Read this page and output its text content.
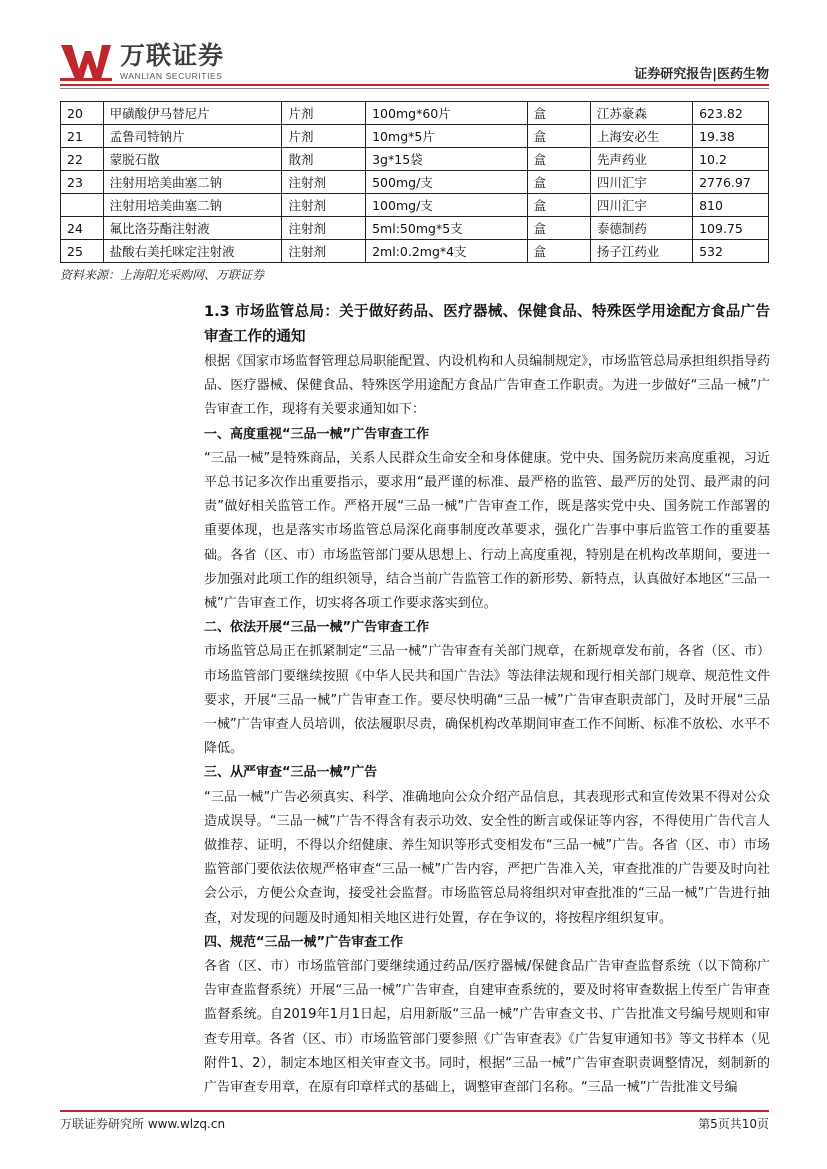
万联证券
WANLIAN SECURITIES	证券研究报告|医药生物
20	甲磺酸伊马替尼片	片剂	100mg*60片	盒	江苏豪森	623.82
21	孟鲁司特钠片	片剂	10mg*5片	盒	上海安必生	19.38
22	蒙脱石散	散剂	3g*15袋	盒	先声药业	10.2
23	注射用培美曲塞二钠	注射剂	500mg/支	盒	四川汇宇	2776.97
	注射用培美曲塞二钠	注射剂	100mg/支	盒	四川汇宇	810
24	氟比洛芬酯注射液	注射剂	5ml:50mg*5支	盒	泰德制药	109.75
25	盐酸右美托咪定注射液	注射剂	2ml:0.2mg*4支	盒	扬子江药业	532
资料来源：上海阳光采购网、万联证券
1.3 市场监管总局：关于做好药品、医疗器械、保健食品、特殊医学用途配方食品广告审查工作的通知

根据《国家市场监督管理总局职能配置、内设机构和人员编制规定》，市场监管总局承担组织指导药品、医疗器械、保健食品、特殊医学用途配方食品广告审查工作职责。为进一步做好“三品一械”广告审查工作，现将有关要求通知如下：

一、高度重视“三品一械”广告审查工作

“三品一械”是特殊商品，关系人民群众生命安全和身体健康。党中央、国务院历来高度重视，习近平总书记多次作出重要指示，要求用“最严谨的标准、最严格的监管、最严厉的处罚、最严肃的问责”做好相关监管工作。严格开展“三品一械”广告审查工作，既是落实党中央、国务院工作部署的重要体现，也是落实市场监管总局深化商事制度改革要求，强化广告事中事后监管工作的重要基础。各省（区、市）市场监管部门要从思想上、行动上高度重视，特别是在机构改革期间，要进一步加强对此项工作的组织领导，结合当前广告监管工作的新形势、新特点，认真做好本地区“三品一械”广告审查工作，切实将各项工作要求落实到位。

二、依法开展“三品一械”广告审查工作

市场监管总局正在抓紧制定“三品一械”广告审查有关部门规章，在新规章发布前，各省（区、市）市场监管部门要继续按照《中华人民共和国广告法》等法律法规和现行相关部门规章、规范性文件要求，开展“三品一械”广告审查工作。要尽快明确“三品一械”广告审查职责部门，及时开展“三品一械”广告审查人员培训，依法履职尽责，确保机构改革期间审查工作不间断、标准不放松、水平不降低。

三、从严审查“三品一械”广告

“三品一械”广告必须真实、科学、准确地向公众介绍产品信息，其表现形式和宣传效果不得对公众造成误导。“三品一械”广告不得含有表示功效、安全性的断言或保证等内容，不得使用广告代言人做推荐、证明，不得以介绍健康、养生知识等形式变相发布“三品一械”广告。各省（区、市）市场监管部门要依法依规严格审查“三品一械”广告内容，严把广告准入关，审查批准的广告要及时向社会公示，方便公众查询，接受社会监督。市场监管总局将组织对审查批准的“三品一械”广告进行抽查，对发现的问题及时通知相关地区进行处置，存在争议的，将按程序组织复审。

四、规范“三品一械”广告审查工作

各省（区、市）市场监管部门要继续通过药品/医疗器械/保健食品广告审查监督系统（以下简称广告审查监督系统）开展“三品一械”广告审查，自建审查系统的，要及时将审查数据上传至广告审查监督系统。自2019年1月1日起，启用新版“三品一械”广告审查文书、广告批准文号编号规则和审查专用章。各省（区、市）市场监管部门要参照《广告审查表》《广告复审通知书》等文书样本（见附件1、2），制定本地区相关审查文书。同时，根据“三品一械”广告审查职责调整情况，刻制新的广告审查专用章，在原有印章样式的基础上，调整审查部门名称。“三品一械”广告批准文号编

万联证券研究所 www.wlzq.cn	第5页共10页
